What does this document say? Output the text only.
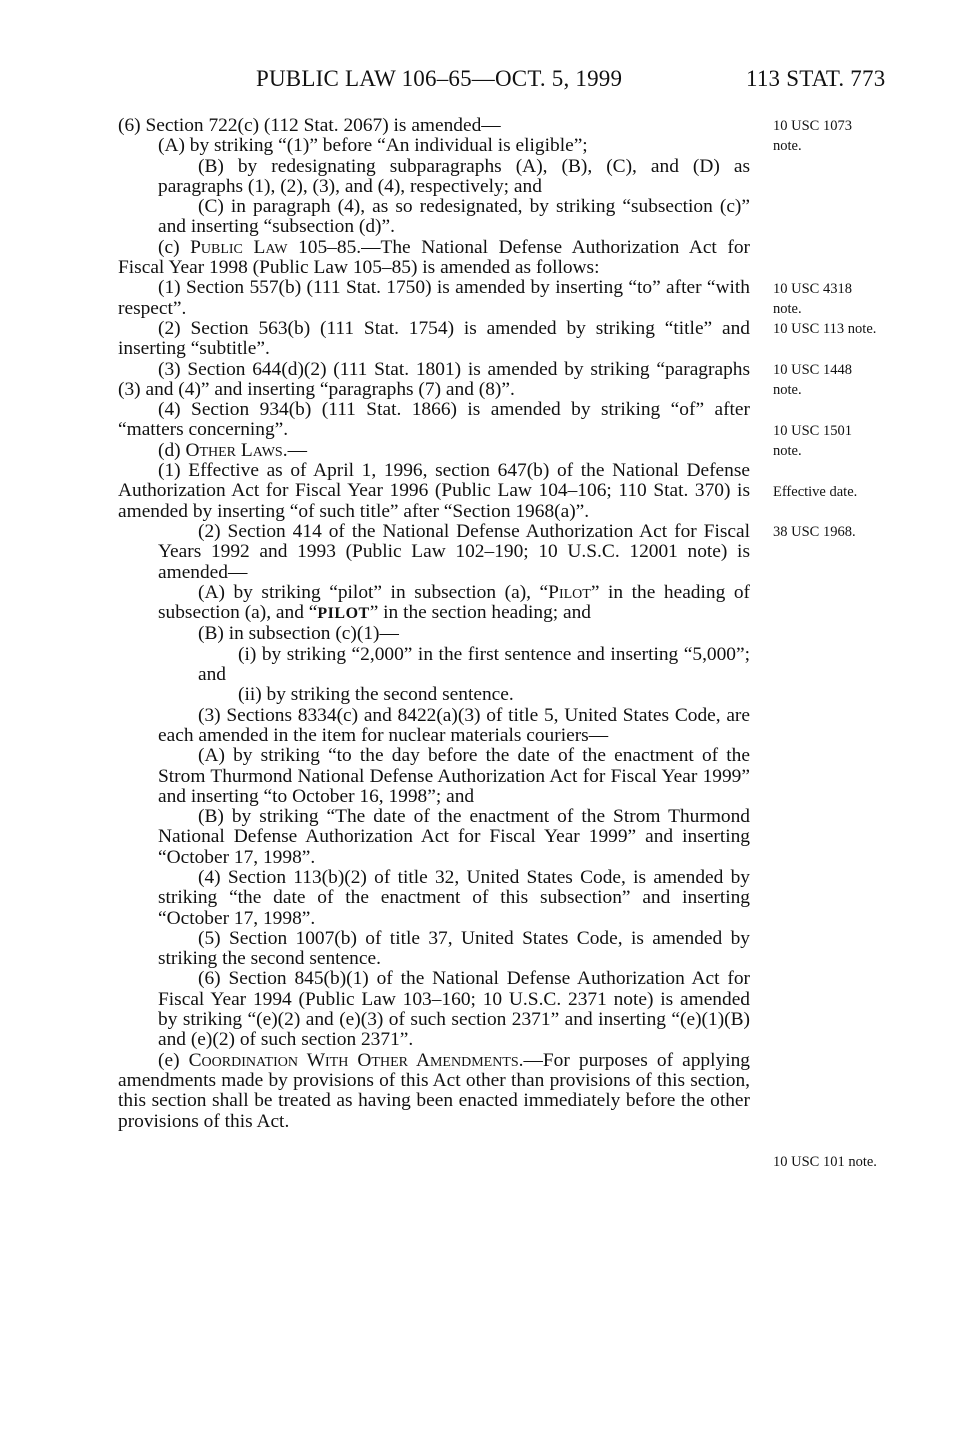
PUBLIC LAW 106–65—OCT. 5, 1999	113 STAT. 773

(6) Section 722(c) (112 Stat. 2067) is amended—

(A) by striking “(1)” before “An individual is eligible”;

(B) by redesignating subparagraphs (A), (B), (C), and (D) as paragraphs (1), (2), (3), and (4), respectively; and

(C) in paragraph (4), as so redesignated, by striking “subsection (c)” and inserting “subsection (d)”.

(c) Public Law 105–85.—The National Defense Authorization Act for Fiscal Year 1998 (Public Law 105–85) is amended as follows:

(1) Section 557(b) (111 Stat. 1750) is amended by inserting “to” after “with respect”.

(2) Section 563(b) (111 Stat. 1754) is amended by striking “title” and inserting “subtitle”.

(3) Section 644(d)(2) (111 Stat. 1801) is amended by striking “paragraphs (3) and (4)” and inserting “paragraphs (7) and (8)”.

(4) Section 934(b) (111 Stat. 1866) is amended by striking “of” after “matters concerning”.

(d) Other Laws.—

(1) Effective as of April 1, 1996, section 647(b) of the National Defense Authorization Act for Fiscal Year 1996 (Public Law 104–106; 110 Stat. 370) is amended by inserting “of such title” after “Section 1968(a)”.

(2) Section 414 of the National Defense Authorization Act for Fiscal Years 1992 and 1993 (Public Law 102–190; 10 U.S.C. 12001 note) is amended—

(A) by striking “pilot” in subsection (a), “Pilot” in the heading of subsection (a), and “PILOT” in the section heading; and

(B) in subsection (c)(1)—

(i) by striking “2,000” in the first sentence and inserting “5,000”; and

(ii) by striking the second sentence.

(3) Sections 8334(c) and 8422(a)(3) of title 5, United States Code, are each amended in the item for nuclear materials couriers—

(A) by striking “to the day before the date of the enactment of the Strom Thurmond National Defense Authorization Act for Fiscal Year 1999” and inserting “to October 16, 1998”; and

(B) by striking “The date of the enactment of the Strom Thurmond National Defense Authorization Act for Fiscal Year 1999” and inserting “October 17, 1998”.

(4) Section 113(b)(2) of title 32, United States Code, is amended by striking “the date of the enactment of this subsection” and inserting “October 17, 1998”.

(5) Section 1007(b) of title 37, United States Code, is amended by striking the second sentence.

(6) Section 845(b)(1) of the National Defense Authorization Act for Fiscal Year 1994 (Public Law 103–160; 10 U.S.C. 2371 note) is amended by striking “(e)(2) and (e)(3) of such section 2371” and inserting “(e)(1)(B) and (e)(2) of such section 2371”.

(e) Coordination With Other Amendments.—For purposes of applying amendments made by provisions of this Act other than provisions of this section, this section shall be treated as having been enacted immediately before the other provisions of this Act.

10 USC 1073
note.
10 USC 4318
note.
10 USC 113 note.
10 USC 1448
note.
10 USC 1501
note.
Effective date.
38 USC 1968.
10 USC 101 note.
